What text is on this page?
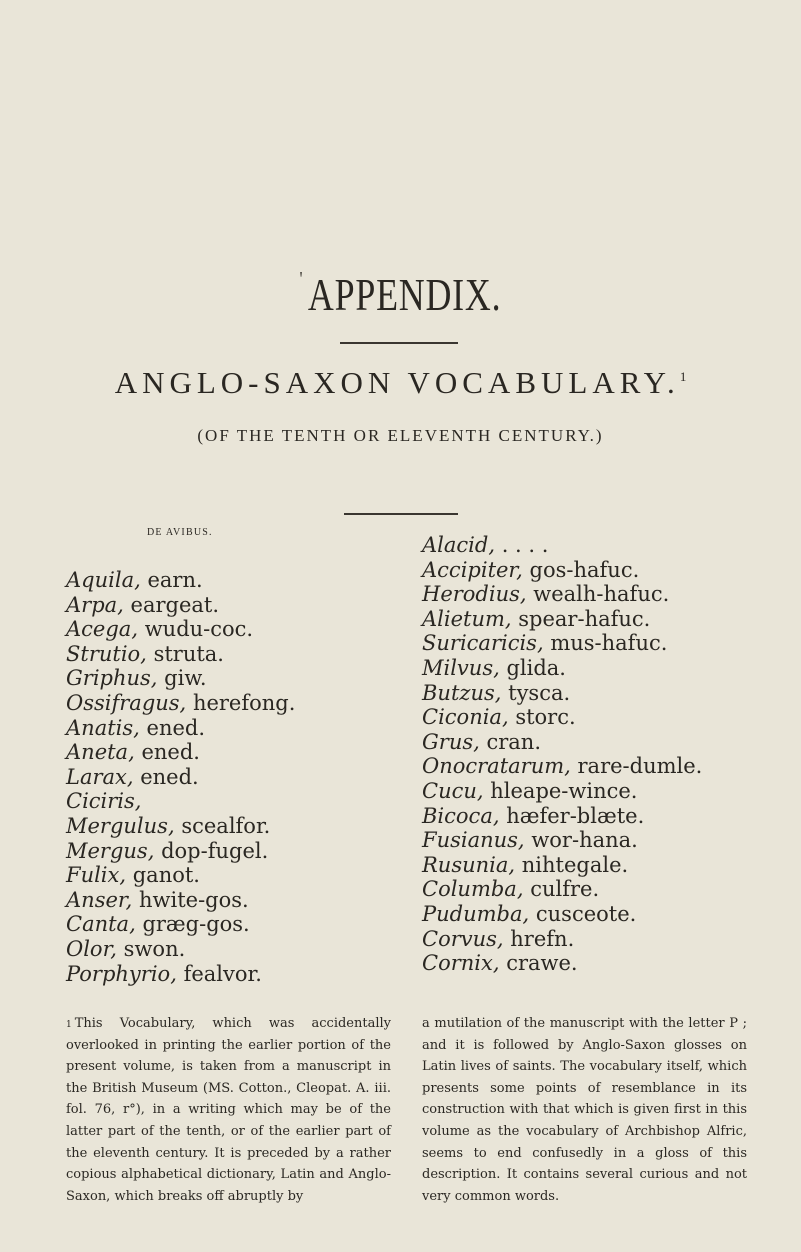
' APPENDIX.
ANGLO-SAXON VOCABULARY.$^1$
(OF THE TENTH OR ELEVENTH CENTURY.)
DE AVIBUS.
Aquila, earn.
Arpa, eargeat.
Acega, wudu-coc.
Strutio, struta.
Griphus, giw.
Ossifragus, herefong.
Anatis, ened.
Aneta, ened.
Larax, ened.
Ciciris,
Mergulus, scealfor.
Mergus, dop-fugel.
Fulix, ganot.
Anser, hwite-gos.
Canta, græg-gos.
Olor, swon.
Porphyrio, fealvor.
Alacid, . . . .
Accipiter, gos-hafuc.
Herodius, wealh-hafuc.
Alietum, spear-hafuc.
Suricaricis, mus-hafuc.
Milvus, glida.
Butzus, tysca.
Ciconia, storc.
Grus, cran.
Onocratarum, rare-dumle.
Cucu, hleape-wince.
Bicoca, hæfer-blæte.
Fusianus, wor-hana.
Rusunia, nihtegale.
Columba, culfre.
Pudumba, cusceote.
Corvus, hrefn.
Cornix, crawe.
$^1$ This Vocabulary, which was accidentally overlooked in printing the earlier portion of the present volume, is taken from a manuscript in the British Museum (MS. Cotton., Cleopat. A. iii. fol. 76, r°), in a writing which may be of the latter part of the tenth, or of the earlier part of the eleventh century. It is preceded by a rather copious alphabetical dictionary, Latin and Anglo-Saxon, which breaks off abruptly by
a mutilation of the manuscript with the letter P ; and it is followed by Anglo-Saxon glosses on Latin lives of saints. The vocabulary itself, which presents some points of resemblance in its construction with that which is given first in this volume as the vocabulary of Archbishop Alfric, seems to end confusedly in a gloss of this description. It contains several curious and not very common words.
